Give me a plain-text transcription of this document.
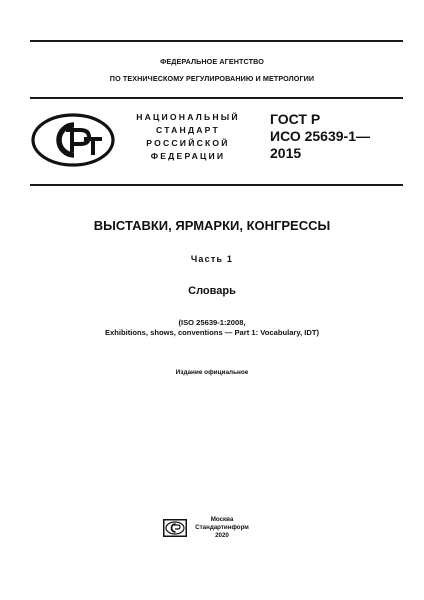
ФЕДЕРАЛЬНОЕ АГЕНТСТВО
ПО ТЕХНИЧЕСКОМУ РЕГУЛИРОВАНИЮ И МЕТРОЛОГИИ
НАЦИОНАЛЬНЫЙ
СТАНДАРТ
РОССИЙСКОЙ
ФЕДЕРАЦИИ
ГОСТ Р
ИСО 25639-1—
2015
ВЫСТАВКИ, ЯРМАРКИ, КОНГРЕССЫ
Часть 1
Словарь
(ISO 25639-1:2008,
Exhibitions, shows, conventions — Part 1: Vocabulary, IDT)
Издание официальное
Москва
Стандартинформ
2020
